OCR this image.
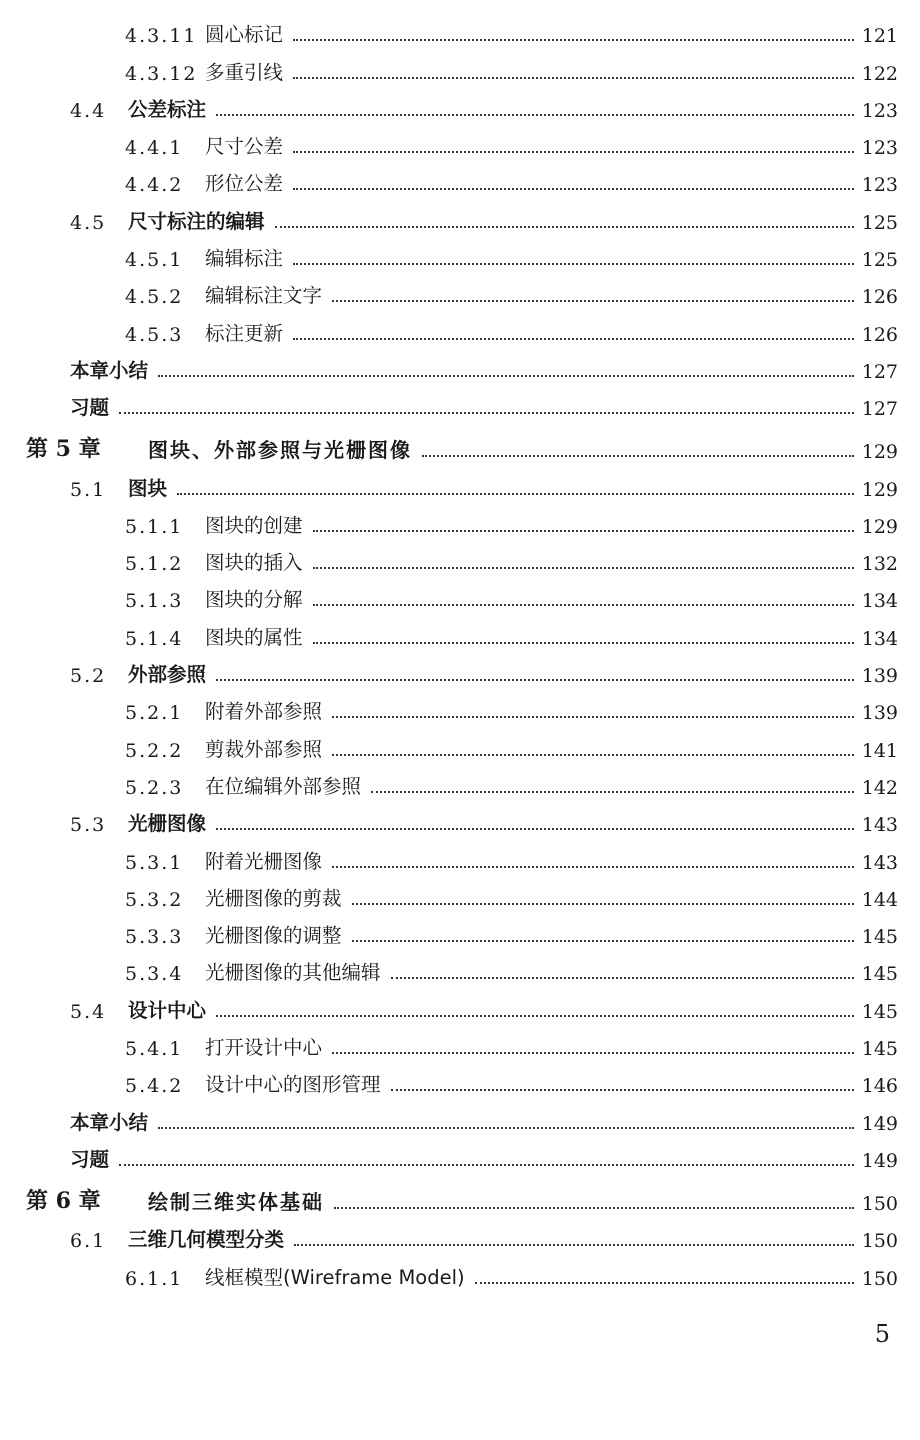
4.3.11 圆心标记	121
4.3.12 多重引线	122
4.4	公差标注	123
4.4.1	尺寸公差	123
4.4.2	形位公差	123
4.5	尺寸标注的编辑	125
4.5.1	编辑标注	125
4.5.2	编辑标注文字	126
4.5.3	标注更新	126
本章小结	127
习题	127
第 5 章	图块、外部参照与光栅图像	129
5.1	图块	129
5.1.1	图块的创建	129
5.1.2	图块的插入	132
5.1.3	图块的分解	134
5.1.4	图块的属性	134
5.2	外部参照	139
5.2.1	附着外部参照	139
5.2.2	剪裁外部参照	141
5.2.3	在位编辑外部参照	142
5.3	光栅图像	143
5.3.1	附着光栅图像	143
5.3.2	光栅图像的剪裁	144
5.3.3	光栅图像的调整	145
5.3.4	光栅图像的其他编辑	145
5.4	设计中心	145
5.4.1	打开设计中心	145
5.4.2	设计中心的图形管理	146
本章小结	149
习题	149
第 6 章	绘制三维实体基础	150
6.1	三维几何模型分类	150
6.1.1	线框模型(Wireframe Model)	150
5
